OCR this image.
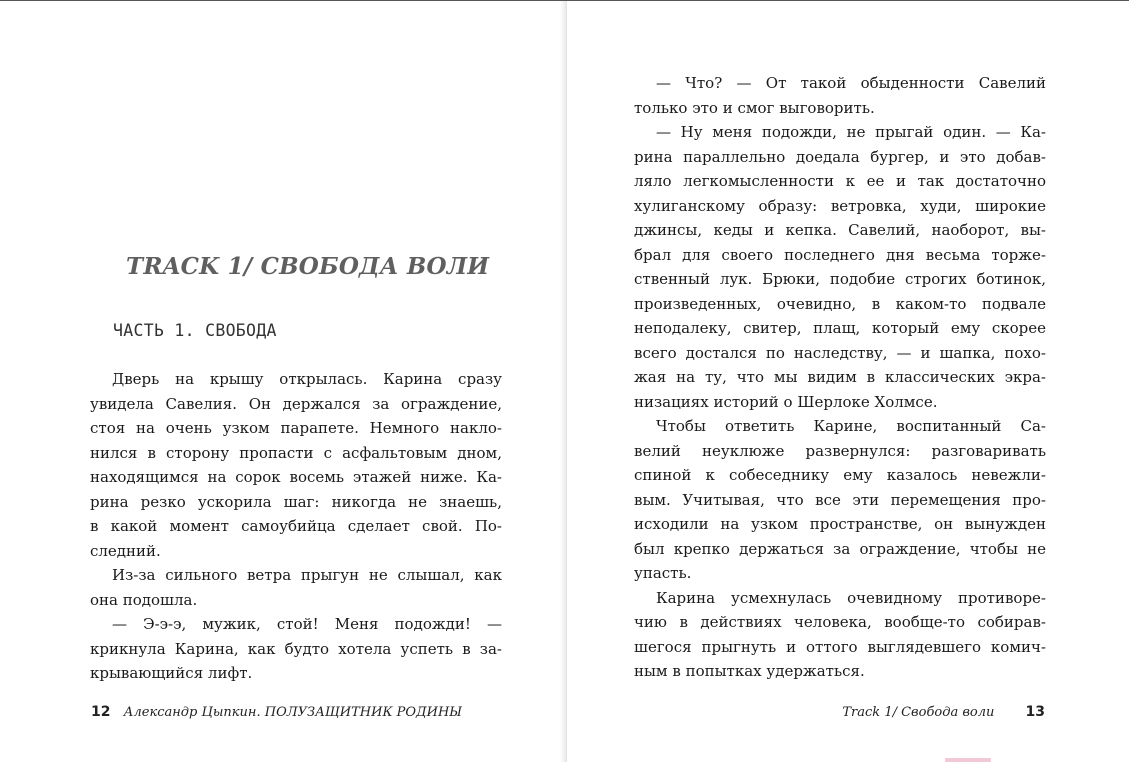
TRACK 1/ СВОБОДА ВОЛИ
ЧАСТЬ 1. СВОБОДА
Дверь на крышу открылась. Карина сразу
увидела Савелия. Он держался за ограждение,
стоя на очень узком парапете. Немного накло-
нился в сторону пропасти с асфальтовым дном,
находящимся на сорок восемь этажей ниже. Ка-
рина резко ускорила шаг: никогда не знаешь,
в какой момент самоубийца сделает свой. По-
следний.
Из-за сильного ветра прыгун не слышал, как
она подошла.
— Э-э-э, мужик, стой! Меня подожди! —
крикнула Карина, как будто хотела успеть в за-
крывающийся лифт.
12 Александр Цыпкин. ПОЛУЗАЩИТНИК РОДИНЫ	Track 1/ Свобода воли 13
— Что? — От такой обыденности Савелий
только это и смог выговорить.
— Ну меня подожди, не прыгай один. — Ка-
рина параллельно доедала бургер, и это добав-
ляло легкомысленности к ее и так достаточно
хулиганскому образу: ветровка, худи, широкие
джинсы, кеды и кепка. Савелий, наоборот, вы-
брал для своего последнего дня весьма торже-
ственный лук. Брюки, подобие строгих ботинок,
произведенных, очевидно, в каком-то подвале
неподалеку, свитер, плащ, который ему скорее
всего достался по наследству, — и шапка, похо-
жая на ту, что мы видим в классических экра-
низациях историй о Шерлоке Холмсе.
Чтобы ответить Карине, воспитанный Са-
велий неуклюже развернулся: разговаривать
спиной к собеседнику ему казалось невежли-
вым. Учитывая, что все эти перемещения про-
исходили на узком пространстве, он вынужден
был крепко держаться за ограждение, чтобы не
упасть.
Карина усмехнулась очевидному противоре-
чию в действиях человека, вообще-то собирав-
шегося прыгнуть и оттого выглядевшего комич-
ным в попытках удержаться.
